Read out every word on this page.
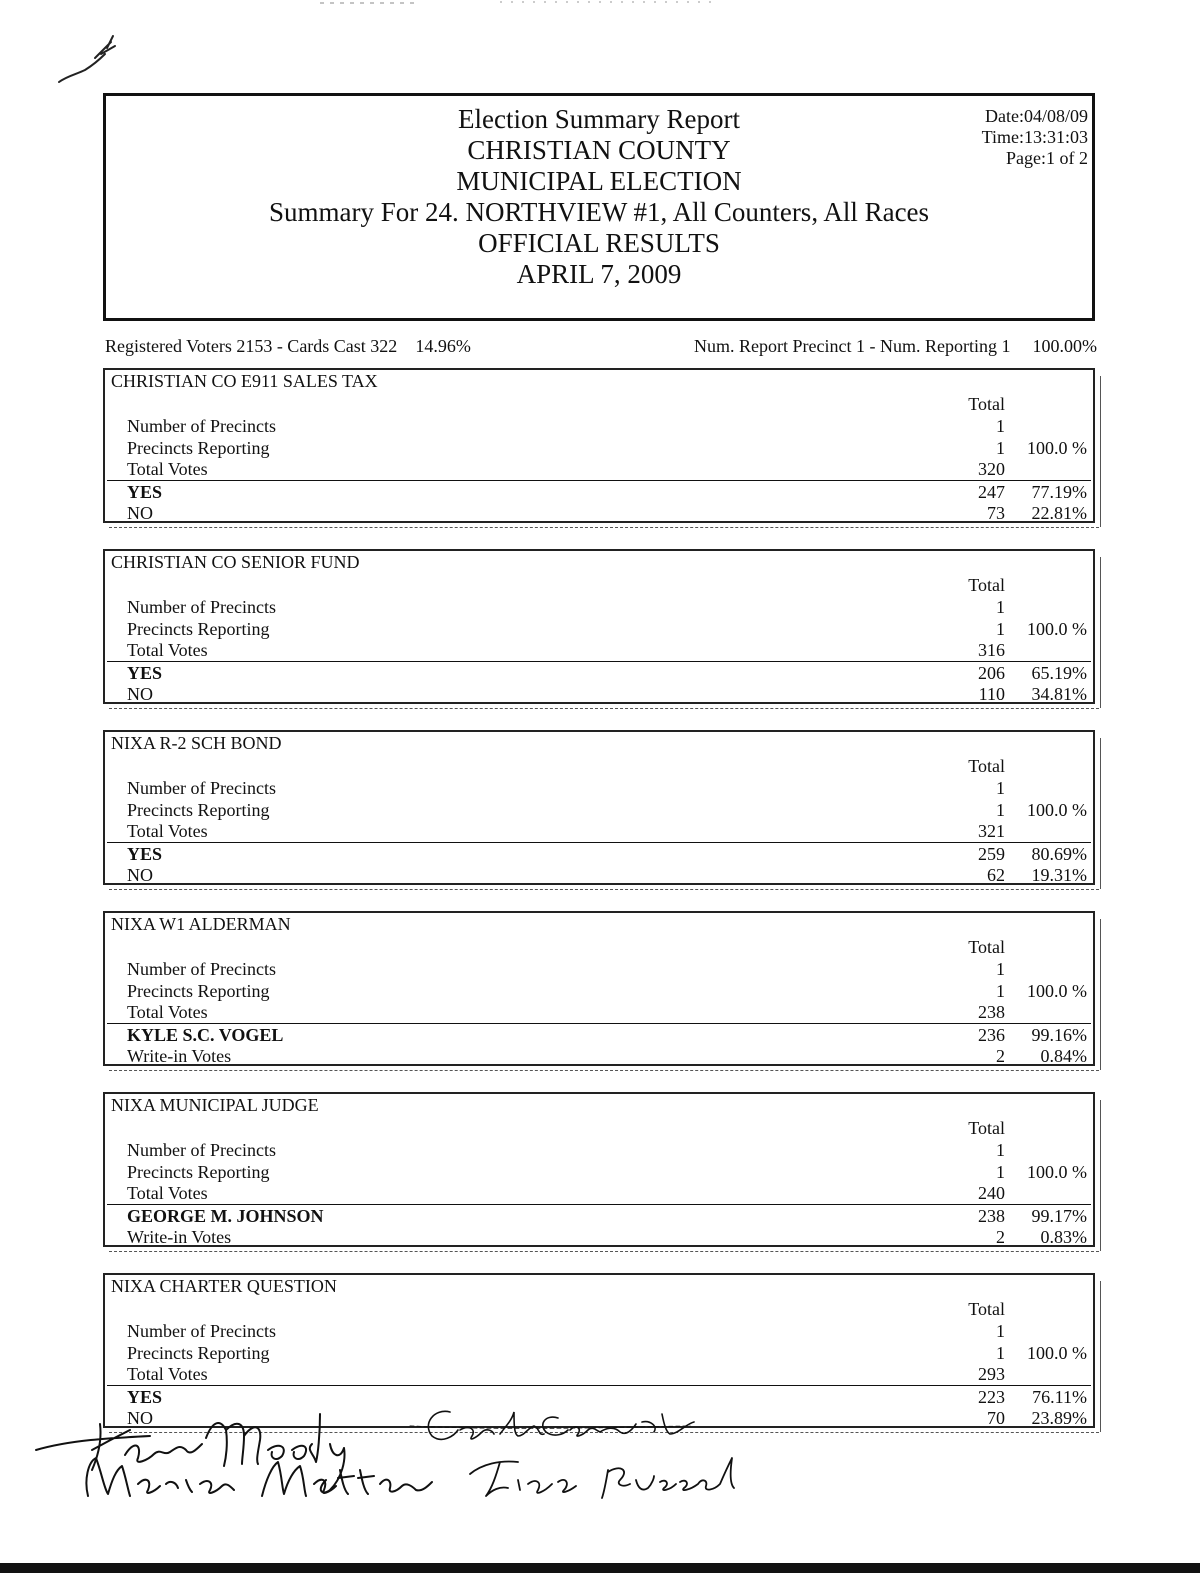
Election Summary Report
CHRISTIAN COUNTY
MUNICIPAL ELECTION
Summary For 24. NORTHVIEW #1, All Counters, All Races
OFFICIAL RESULTS
APRIL 7, 2009
Date:04/08/09
Time:13:31:03
Page:1 of 2
Registered Voters 2153 - Cards Cast 322 14.96%	Num. Report Precinct 1 - Num. Reporting 1 100.00%
CHRISTIAN CO E911 SALES TAX
Total
Number of Precincts	1
Precincts Reporting	1 100.0 %
Total Votes	320
YES	247 77.19%
NO	73 22.81%
CHRISTIAN CO SENIOR FUND
Total
Number of Precincts	1
Precincts Reporting	1 100.0 %
Total Votes	316
YES	206 65.19%
NO	110 34.81%
NIXA R-2 SCH BOND
Total
Number of Precincts	1
Precincts Reporting	1 100.0 %
Total Votes	321
YES	259 80.69%
NO	62 19.31%
NIXA W1 ALDERMAN
Total
Number of Precincts	1
Precincts Reporting	1 100.0 %
Total Votes	238
KYLE S.C. VOGEL	236 99.16%
Write-in Votes	2 0.84%
NIXA MUNICIPAL JUDGE
Total
Number of Precincts	1
Precincts Reporting	1 100.0 %
Total Votes	240
GEORGE M. JOHNSON	238 99.17%
Write-in Votes	2 0.83%
NIXA CHARTER QUESTION
Total
Number of Precincts	1
Precincts Reporting	1 100.0 %
Total Votes	293
YES	223 76.11%
NO	70 23.89%
